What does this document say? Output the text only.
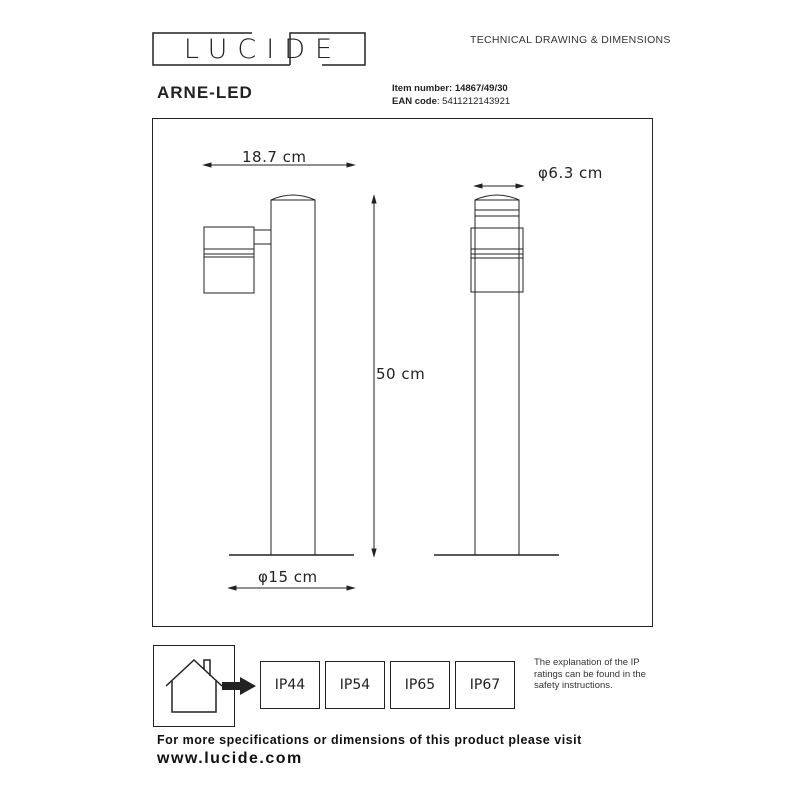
LUCIDE	TECHNICAL DRAWING & DIMENSIONS
ARNE-LED	Item number: 14867/49/30
EAN code: 5411212143921
18.7 cm
φ6.3 cm
50 cm
φ15 cm
IP44	IP54	IP65	IP67
The explanation of the IP ratings can be found in the safety instructions.
For more specifications or dimensions of this product please visit
www.lucide.com
